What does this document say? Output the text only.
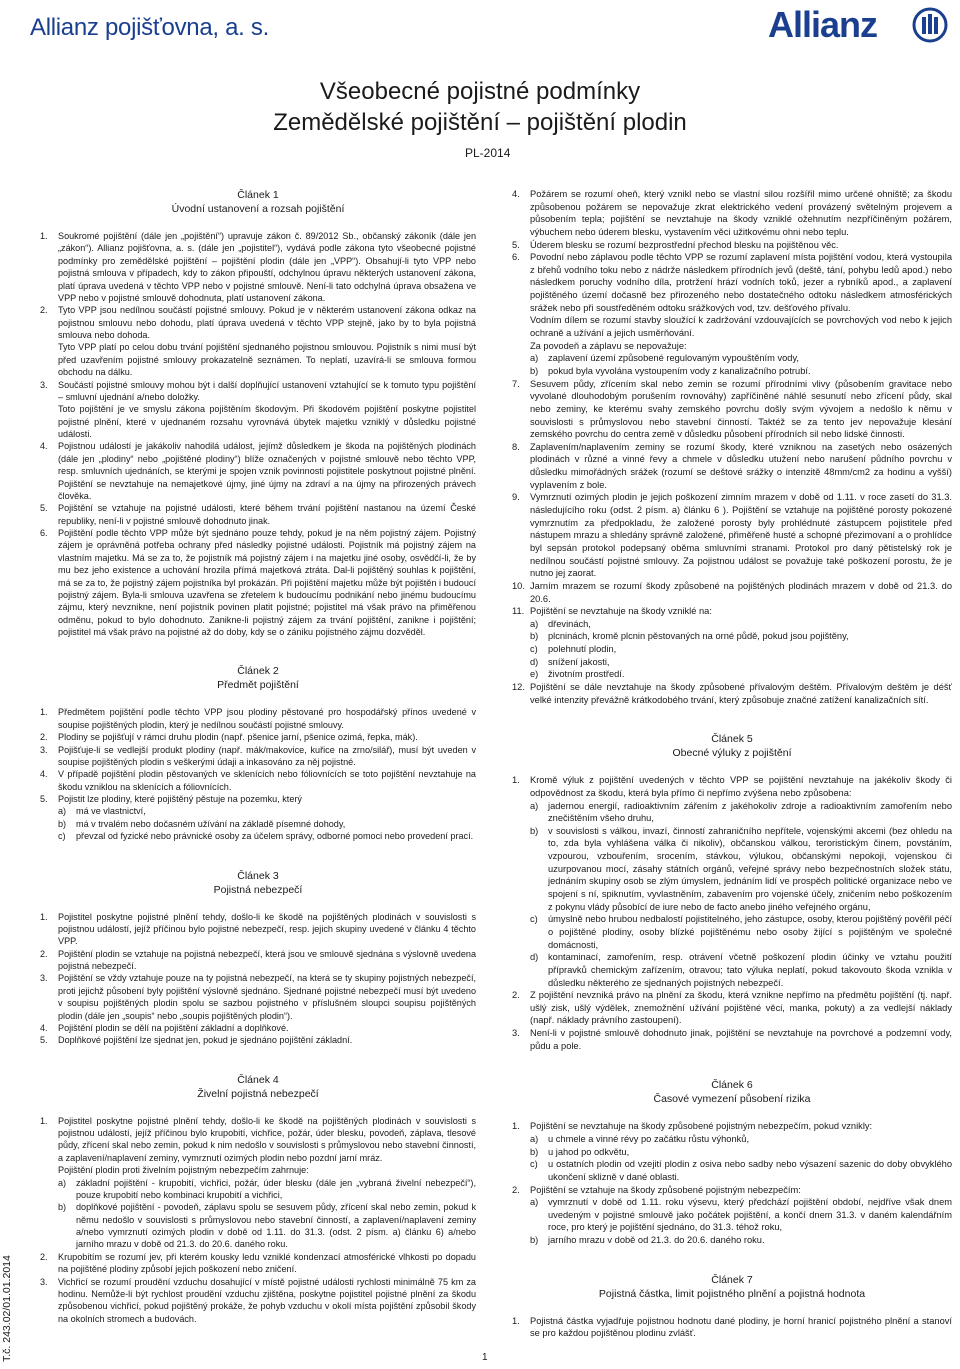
Allianz pojišťovna, a. s.	Allianz
Všeobecné pojistné podmínky
Zemědělské pojištění – pojištění plodin
PL-2014
Článek 1
Úvodní ustanovení a rozsah pojištění
1. Soukromé pojištění (dále jen „pojištění“) upravuje zákon č. 89/2012 Sb., občanský zákoník (dále jen „zákon“). Allianz pojišťovna, a. s. (dále jen „pojistitel“), vydává podle zákona tyto všeobecné pojistné podmínky pro zemědělské pojištění – pojištění plodin (dále jen „VPP“). Obsahují-li tyto VPP nebo pojistná smlouva v případech, kdy to zákon připouští, odchylnou úpravu některých ustanovení zákona, platí úprava uvedená v těchto VPP nebo v pojistné smlouvě. Není-li tato odchylná úprava obsažena ve VPP nebo v pojistné smlouvě dohodnuta, platí ustanovení zákona.
2. Tyto VPP jsou nedílnou součástí pojistné smlouvy. Pokud je v některém ustanovení zákona odkaz na pojistnou smlouvu nebo dohodu, platí úprava uvedená v těchto VPP stejně, jako by to byla pojistná smlouva nebo dohoda.
Tyto VPP platí po celou dobu trvání pojištění sjednaného pojistnou smlouvou. Pojistník s nimi musí být před uzavřením pojistné smlouvy prokazatelně seznámen. To neplatí, uzavírá-li se smlouva formou obchodu na dálku.
3. Součástí pojistné smlouvy mohou být i další doplňující ustanovení vztahující se k tomuto typu pojištění – smluvní ujednání a/nebo doložky.
Toto pojištění je ve smyslu zákona pojištěním škodovým. Při škodovém pojištění poskytne pojistitel pojistné plnění, které v ujednaném rozsahu vyrovnává úbytek majetku vzniklý v důsledku pojistné události.
4. Pojistnou událostí je jakákoliv nahodilá událost, jejímž důsledkem je škoda na pojištěných plodinách (dále jen „plodiny“ nebo „pojištěné plodiny“) blíže označených v pojistné smlouvě nebo těchto VPP, resp. smluvních ujednáních, se kterými je spojen vznik povinnosti pojistitele poskytnout pojistné plnění. Pojištění se nevztahuje na nemajetkové újmy, jiné újmy na zdraví a na újmy na přirozených právech člověka.
5. Pojištění se vztahuje na pojistné události, které během trvání pojištění nastanou na území České republiky, není-li v pojistné smlouvě dohodnuto jinak.
6. Pojištění podle těchto VPP může být sjednáno pouze tehdy, pokud je na něm pojistný zájem. Pojistný zájem je oprávněná potřeba ochrany před následky pojistné události. Pojistník má pojistný zájem na vlastním majetku. Má se za to, že pojistník má pojistný zájem i na majetku jiné osoby, osvědčí-li, že by mu bez jeho existence a uchování hrozila přímá majetková ztráta. Dal-li pojištěný souhlas k pojištění, má se za to, že pojistný zájem pojistníka byl prokázán. Při pojištění majetku může být pojištěn i budoucí pojistný zájem. Byla-li smlouva uzavřena se zřetelem k budoucímu podnikání nebo jinému budoucímu zájmu, který nevznikne, není pojistník povinen platit pojistné; pojistitel má však právo na přiměřenou odměnu, pokud to bylo dohodnuto. Zanikne-li pojistný zájem za trvání pojištění, zanikne i pojištění; pojistitel má však právo na pojistné až do doby, kdy se o zániku pojistného zájmu dozvěděl.
Článek 2
Předmět pojištění
1. Předmětem pojištění podle těchto VPP jsou plodiny pěstované pro hospodářský přínos uvedené v soupise pojištěných plodin, který je nedílnou součástí pojistné smlouvy.
2. Plodiny se pojišťují v rámci druhu plodin (např. pšenice jarní, pšenice ozimá, řepka, mák).
3. Pojišťuje-li se vedlejší produkt plodiny (např. mák/makovice, kuřice na zrno/silář), musí být uveden v soupise pojištěných plodin s veškerými údaji a inkasováno za něj pojistné.
4. V případě pojištění plodin pěstovaných ve sklenících nebo fóliovnících se toto pojištění nevztahuje na škodu vzniklou na sklenících a fóliovnících.
5. Pojistit lze plodiny, které pojištěný pěstuje na pozemku, který
a) má ve vlastnictví,
b) má v trvalém nebo dočasném užívání na základě písemné dohody,
c) převzal od fyzické nebo právnické osoby za účelem správy, odborné pomoci nebo provedení prací.
Článek 3
Pojistná nebezpečí
1. Pojistitel poskytne pojistné plnění tehdy, došlo-li ke škodě na pojištěných plodinách v souvislosti s pojistnou událostí, jejíž příčinou bylo pojistné nebezpečí, resp. jejich skupiny uvedené v článku 4 těchto VPP.
2. Pojištění plodin se vztahuje na pojistná nebezpečí, která jsou ve smlouvě sjednána s výslovně uvedena pojistná nebezpečí.
3. Pojištění se vždy vztahuje pouze na ty pojistná nebezpečí, na která se ty skupiny pojistných nebezpečí, proti jejichž působení byly pojištění výslovně sjednáno. Sjednané pojistné nebezpečí musí být uvedeno v soupisu pojištěných plodin spolu se sazbou pojistného v příslušném sloupci soupisu pojištěných plodin (dále jen „soupis“ nebo „soupis pojištěných plodin“).
4. Pojištění plodin se dělí na pojištění základní a doplňkové.
5. Doplňkové pojištění lze sjednat jen, pokud je sjednáno pojištění základní.
Článek 4
Živelní pojistná nebezpečí
1. Pojistitel poskytne pojistné plnění tehdy, došlo-li ke škodě na pojištěných plodinách v souvislosti s pojistnou událostí, jejíž příčinou bylo krupobití, vichřice, požár, úder blesku, povodeň, záplava, tlesové půdy, zřícení skal nebo zemin, pokud k nim nedošlo v souvislosti s průmyslovou nebo stavební činností, a zaplavení/naplavení zeminy, vymrznutí ozimých plodin nebo pozdní jarní mráz.
Pojištění plodin proti živelním pojistným nebezpečím zahrnuje:
a) základní pojištění - krupobití, vichřici, požár, úder blesku (dále jen „vybraná živelní nebezpečí“), pouze krupobití nebo kombinaci krupobití a vichřici,
b) doplňkové pojištění - povodeň, záplavu spolu se sesuvem půdy, zřícení skal nebo zemin, pokud k němu nedošlo v souvislosti s průmyslovou nebo stavební činností, a zaplavení/naplavení zeminy a/nebo vymrznutí ozimých plodin v době od 1.11. do 31.3. (odst. 2 písm. a) článku 6) a/nebo jarního mrazu v době od 21.3. do 20.6. daného roku.
2. Krupobitím se rozumí jev, při kterém kousky ledu vzniklé kondenzací atmosférické vlhkosti po dopadu na pojištěné plodiny způsobí jejich poškození nebo zničení.
3. Vichřicí se rozumí proudění vzduchu dosahující v místě pojistné události rychlosti minimálně 75 km za hodinu. Nemůže-li být rychlost proudění vzduchu zjištěna, poskytne pojistitel pojistné plnění za škodu způsobenou vichřicí, pokud pojištěný prokáže, že pohyb vzduchu v okolí místa pojištění způsobil škody na okolních stromech a budovách.
4. Požárem se rozumí oheň, který vznikl nebo se vlastní silou rozšířil mimo určené ohniště; za škodu způsobenou požárem se nepovažuje zkrat elektrického vedení provázený světelným projevem a působením tepla; pojištění se nevztahuje na škody vzniklé ožehnutím nezpříčiněným požárem, výbuchem nebo úderem blesku, vystavením věci užitkovému ohni nebo teplu.
5. Úderem blesku se rozumí bezprostřední přechod blesku na pojištěnou věc.
6. Povodní nebo záplavou podle těchto VPP se rozumí zaplavení místa pojištění vodou, která vystoupila z břehů vodního toku nebo z nádrže následkem přírodních jevů (deště, tání, pohybu ledů apod.) nebo následkem poruchy vodního díla, protržení hrází vodních toků, jezer a rybníků apod., a zaplavení pojištěného území dočasně bez přirozeného nebo dostatečného odtoku následkem atmosférických srážek nebo při soustředěném odtoku srážkových vod, tzv. dešťového přívalu.
Vodním dílem se rozumí stavby sloužící k zadržování vzdouvajících se povrchových vod nebo k jejich ochraně a užívání a jejich usměrňování.
Za povodeň a záplavu se nepovažuje:
a) zaplavení území způsobené regulovaným vypouštěním vody,
b) pokud byla vyvolána vystoupením vody z kanalizačního potrubí.
7. Sesuvem půdy, zřícením skal nebo zemin se rozumí přírodními vlivy (působením gravitace nebo vyvolané dlouhodobým porušením rovnováhy) zapříčiněné náhlé sesunutí nebo zřícení půdy, skal nebo zeminy, ke kterému svahy zemského povrchu došly svým vývojem a nedošlo k němu v souvislosti s průmyslovou nebo stavební činností. Taktéž se za tento jev nepovažuje klesání zemského povrchu do centra země v důsledku působení přírodních sil nebo lidské činnosti.
8. Zaplavením/naplavením zeminy se rozumí škody, které vzniknou na zasetých nebo osázených plodinách v různé a vinné řevy a chmele v důsledku utužení nebo narušení půdního povrchu v důsledku mimořádných srážek (rozumí se deštové srážky o intenzitě 48mm/cm2 za hodinu a vyšší) vyplavením z bole.
9. Vymrznutí ozimých plodin je jejich poškození zimním mrazem v době od 1.11. v roce zasetí do 31.3. následujícího roku (odst. 2 písm. a) článku 6 ). Pojištění se vztahuje na pojištěné porosty pokozené vymrznutím za předpokladu, že založené porosty byly prohlédnuté zástupcem pojistitele před nástupem mrazu a shledány správně založené, přiměřeně husté a schopné přezimovaní a o prohlídce byl sepsán protokol podepsaný oběma smluvními stranami. Protokol pro daný pětistelský rok je nedílnou součástí pojistné smlouvy. Za pojistnou událost se považuje také poškození porostu, že je nutno jej zaorat.
10. Jarním mrazem se rozumí škody způsobené na pojištěných plodinách mrazem v době od 21.3. do 20.6.
11. Pojištění se nevztahuje na škody vzniklé na:
a) dřevinách,
b) plcninách, kromě plcnin pěstovaných na orné půdě, pokud jsou pojištěny,
c) polehnutí plodin,
d) snížení jakosti,
e) životním prostředí.
12. Pojištění se dále nevztahuje na škody způsobené přívalovým deštěm. Přívalovým deštěm je déšť velké intenzity převážně krátkodobého trvání, který způsobuje značné zatížení kanalizačních sítí.
Článek 5
Obecné výluky z pojištění
1. Kromě výluk z pojištění uvedených v těchto VPP se pojištění nevztahuje na jakékoliv škody či odpovědnost za škodu, která byla přímo či nepřímo zvýšena nebo způsobena:
a) jadernou energií, radioaktivním zářením z jakéhokoliv zdroje a radioaktivním zamořením nebo znečištěním všeho druhu,
b) v souvislosti s válkou, invazí, činností zahraničního nepřítele, vojenskými akcemi (bez ohledu na to, zda byla vyhlášena válka či nikoliv), občanskou válkou, teroristickým činem, povstáním, vzpourou, vzbouřením, srocením, stávkou, výlukou, občanskými nepokoji, vojenskou či uzurpovanou mocí, zásahy státních orgánů, veřejné správy nebo bezpečnostních složek státu, jednáním skupiny osob se zlým úmyslem, jednáním lidí ve prospěch politické organizace nebo ve spojení s ní, spiknutím, vyvlastněním, zabavením pro vojenské účely, zničením nebo poškozením z pokynu vlády působící de iure nebo de facto anebo jiného veřejného orgánu,
c) úmyslně nebo hrubou nedbalostí pojistitelného, jeho zástupce, osoby, kterou pojištěný pověřil péčí o pojištěné plodiny, osoby blízké pojištěnému nebo osoby žijící s pojištěným ve společné domácnosti,
d) kontaminací, zamořením, resp. otrávení včetně poškození plodin účinky ve vztahu použití přípravků chemickým zařízením, otravou; tato výluka neplatí, pokud takovouto škoda vznikla v důsledku některého ze sjednaných pojistných nebezpečí.
2. Z pojištění nevzniká právo na plnění za škodu, která vznikne nepřímo na předmětu pojištění (tj. např. ušlý zisk, ušlý výdělek, znemožnění užívání pojištěné věci, manka, pokuty) a za vedlejší náklady (např. náklady právního zastoupení).
3. Není-li v pojistné smlouvě dohodnuto jinak, pojištění se nevztahuje na povrchové a podzemní vody, půdu a pole.
Článek 6
Časové vymezení působení rizika
1. Pojištění se nevztahuje na škody způsobené pojistným nebezpečím, pokud vznikly:
a) u chmele a vinné révy po začátku růstu výhonků,
b) u jahod po odkvětu,
c) u ostatních plodin od vzejití plodin z osiva nebo sadby nebo výsazení sazenic do doby obvyklého ukončení sklizně v dané oblasti.
2. Pojištění se vztahuje na škody způsobené pojistným nebezpečím:
a) vymrznutí v době od 1.11. roku výsevu, který předchází pojištění období, nejdříve však dnem uvedeným v pojistné smlouvě jako počátek pojištění, a končí dnem 31.3. v daném kalendářním roce, pro který je pojištění sjednáno, do 31.3. téhož roku,
b) jarního mrazu v době od 21.3. do 20.6. daného roku.
Článek 7
Pojistná částka, limit pojistného plnění a pojistná hodnota
1. Pojistná částka vyjadřuje pojistnou hodnotu dané plodiny, je horní hranicí pojistného plnění a stanoví se pro každou pojištěnou plodinu zvlášť.
T.č. 243.02/01.01.2014	1
